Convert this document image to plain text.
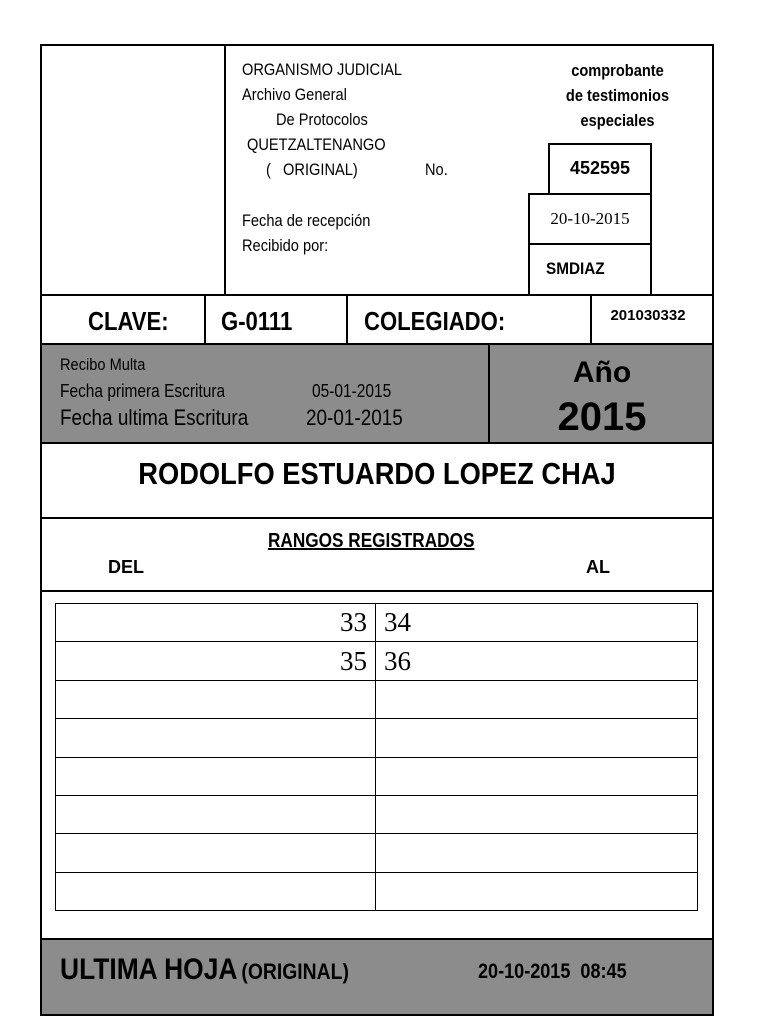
ORGANISMO JUDICIAL
Archivo General
De Protocolos
QUETZALTENANGO
(   ORIGINAL)	No.
Fecha de recepción
Recibido por:
comprobante
de testimonios
especiales
452595
20-10-2015
SMDIAZ
CLAVE: G-0111	COLEGIADO:	201030332
Recibo Multa
Fecha primera Escritura	05-01-2015
Fecha ultima Escritura	20-01-2015
Año
2015
RODOLFO ESTUARDO LOPEZ CHAJ
RANGOS REGISTRADOS
DEL	AL
33	34
35	36

ULTIMA HOJA (ORIGINAL)	20-10-2015  08:45
